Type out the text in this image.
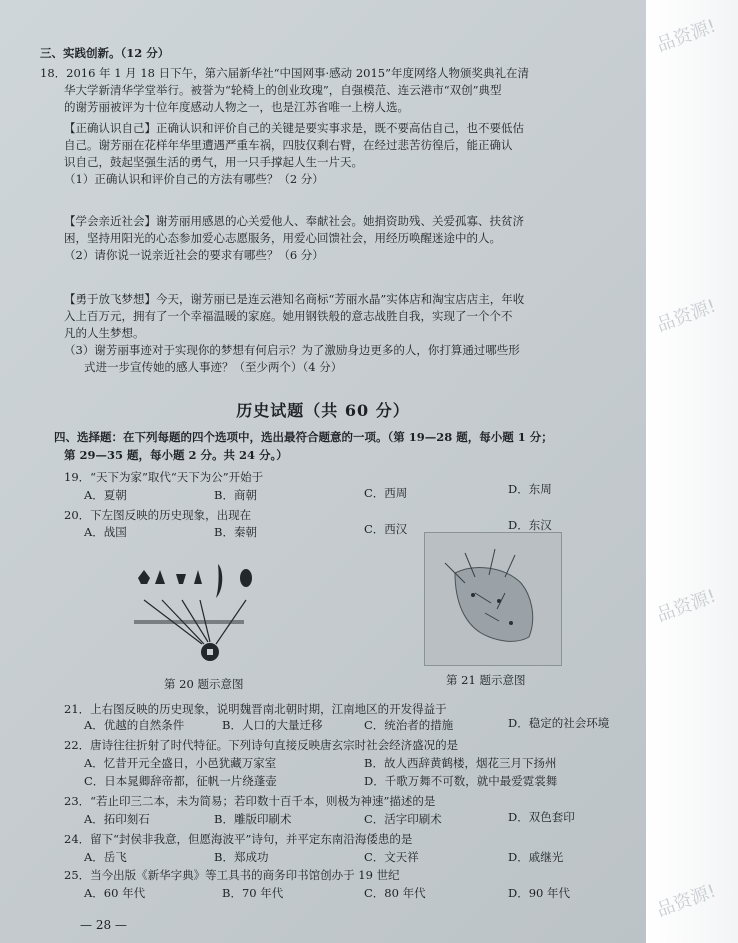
品资源!
品资源!
品资源!
品资源!
三、实践创新。（12 分）
18．2016 年 1 月 18 日下午，第六届新华社“中国网事·感动 2015”年度网络人物颁奖典礼在清
华大学新清华学堂举行。被誉为“轮椅上的创业玫瑰”，自强模范、连云港市“双创”典型
的谢芳丽被评为十位年度感动人物之一，也是江苏省唯一上榜人选。
【正确认识自己】正确认识和评价自己的关键是要实事求是，既不要高估自己，也不要低估
自己。谢芳丽在花样年华里遭遇严重车祸，四肢仅剩右臂，在经过悲苦彷徨后，能正确认
识自己，鼓起坚强生活的勇气，用一只手撑起人生一片天。
（1）正确认识和评价自己的方法有哪些？（2 分）
【学会亲近社会】谢芳丽用感恩的心关爱他人、奉献社会。她捐资助残、关爱孤寡、扶贫济
困，坚持用阳光的心态参加爱心志愿服务，用爱心回馈社会，用经历唤醒迷途中的人。
（2）请你说一说亲近社会的要求有哪些？（6 分）
【勇于放飞梦想】今天，谢芳丽已是连云港知名商标“芳丽水晶”实体店和淘宝店店主，年收
入上百万元，拥有了一个幸福温暖的家庭。她用钢铁般的意志战胜自我，实现了一个个不
凡的人生梦想。
（3）谢芳丽事迹对于实现你的梦想有何启示？为了激励身边更多的人，你打算通过哪些形
式进一步宣传她的感人事迹？（至少两个）（4 分）
历史试题（共 60 分）
四、选择题：在下列每题的四个选项中，选出最符合题意的一项。（第 19—28 题，每小题 1 分；
第 29—35 题，每小题 2 分。共 24 分。）
19．“天下为家”取代“天下为公”开始于
A．夏朝	B．商朝	C．西周	D．东周
20．下左图反映的历史现象，出现在
A．战国	B．秦朝	C．西汉	D．东汉
第 20 题示意图	第 21 题示意图
21．上右图反映的历史现象，说明魏晋南北朝时期，江南地区的开发得益于
A．优越的自然条件	B．人口的大量迁移	C．统治者的措施	D．稳定的社会环境
22．唐诗往往折射了时代特征。下列诗句直接反映唐玄宗时社会经济盛况的是
A．忆昔开元全盛日，小邑犹藏万家室	B．故人西辞黄鹤楼，烟花三月下扬州
C．日本晁卿辞帝都，征帆一片绕蓬壶	D．千歌万舞不可数，就中最爱霓裳舞
23．“若止印三二本，未为简易；若印数十百千本，则极为神速”描述的是
A．拓印刻石	B．雕版印刷术	C．活字印刷术	D．双色套印
24．留下“封侯非我意，但愿海波平”诗句，并平定东南沿海倭患的是
A．岳飞	B．郑成功	C．文天祥	D．戚继光
25．当今出版《新华字典》等工具书的商务印书馆创办于 19 世纪
A．60 年代	B．70 年代	C．80 年代	D．90 年代
— 28 —
